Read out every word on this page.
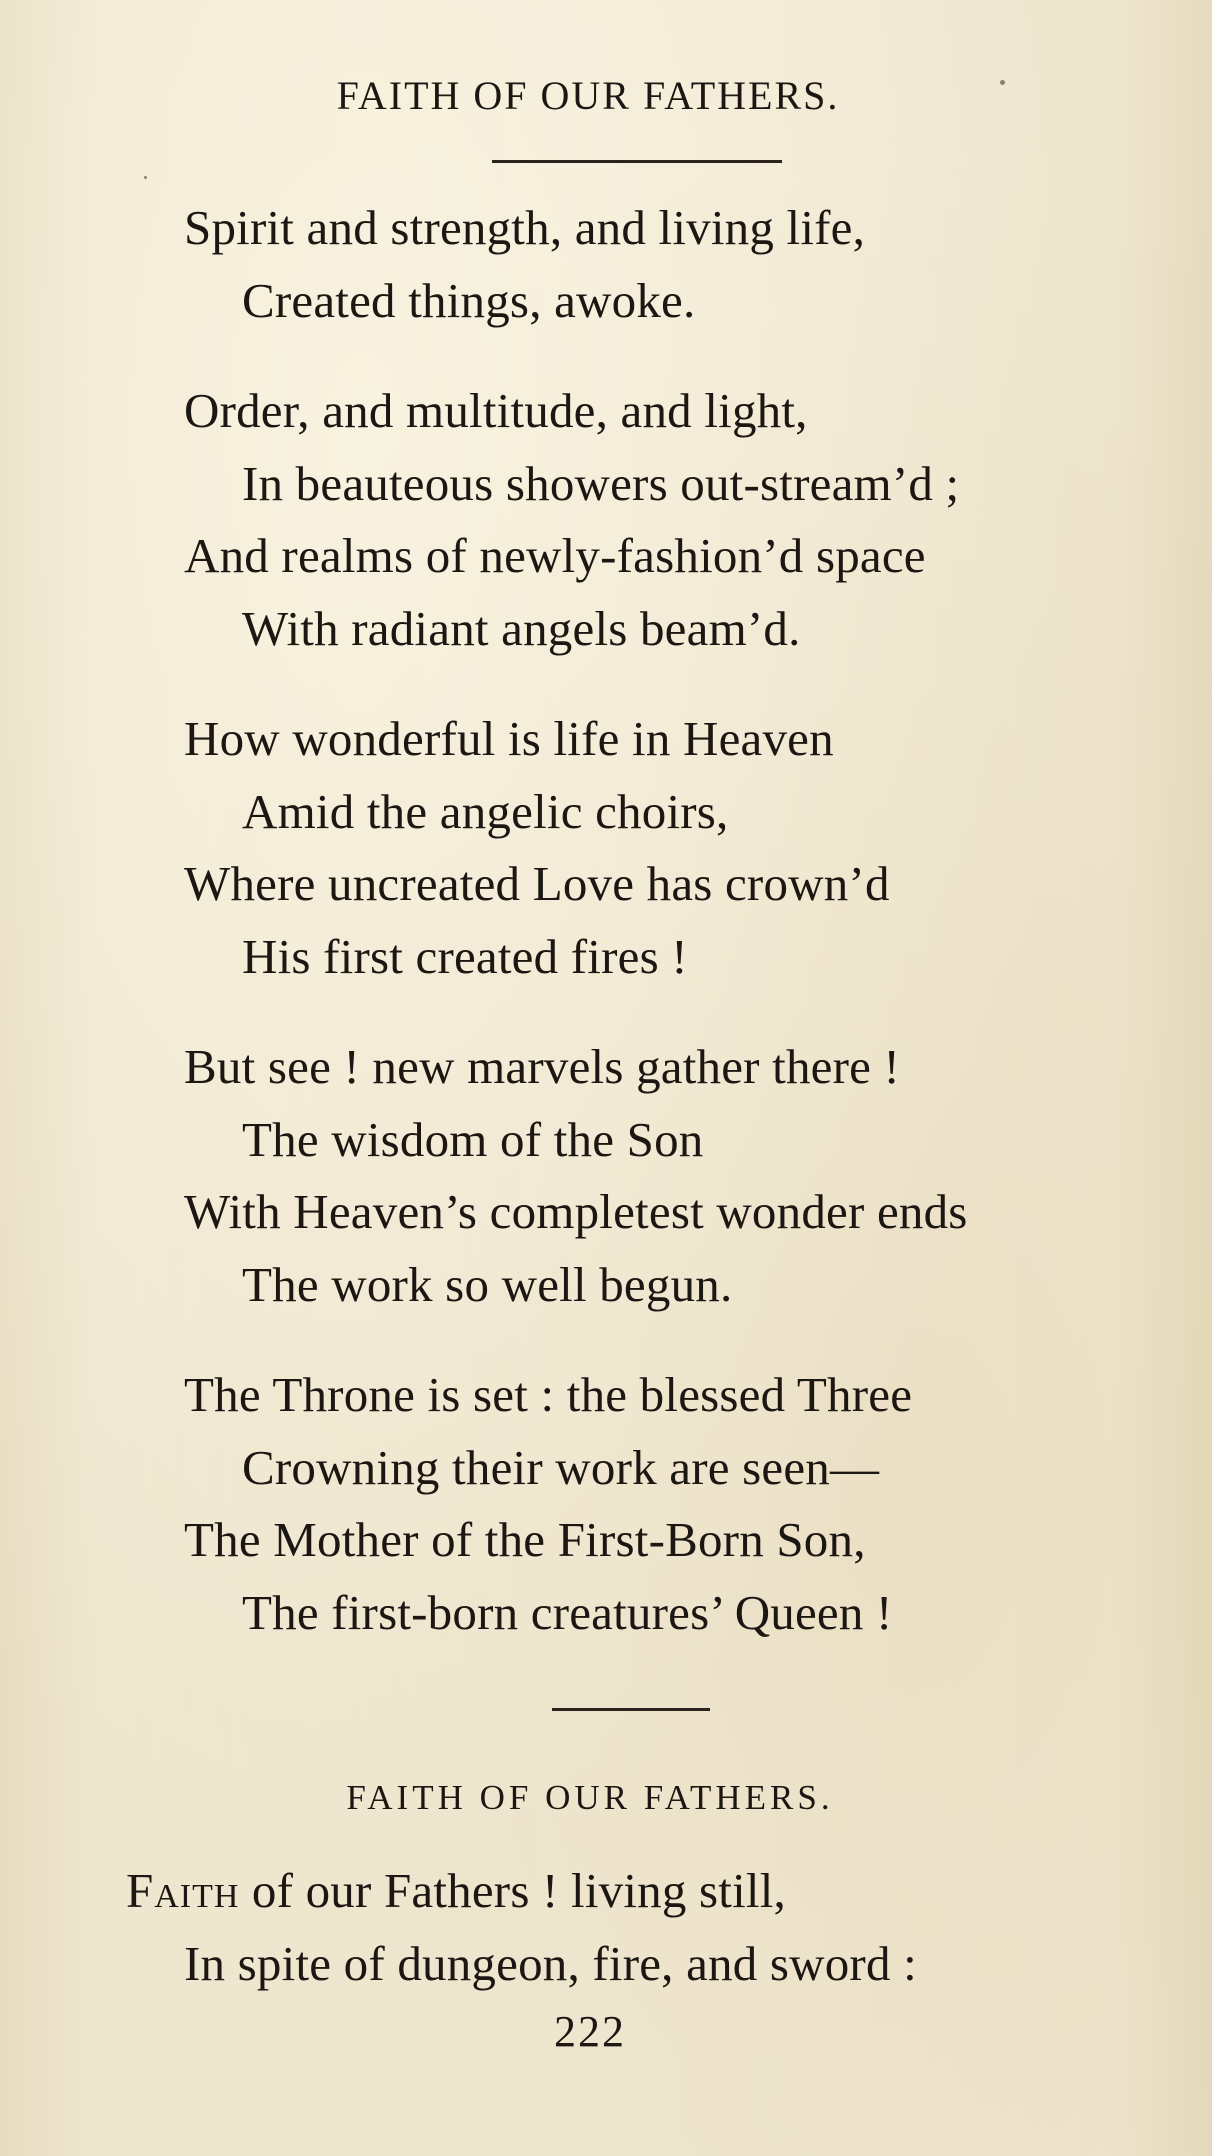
FAITH OF OUR FATHERS.
Spirit and strength, and living life,
Created things, awoke.
Order, and multitude, and light,
In beauteous showers out-stream’d ;
And realms of newly-fashion’d space
With radiant angels beam’d.
How wonderful is life in Heaven
Amid the angelic choirs,
Where uncreated Love has crown’d
His first created fires !
But see ! new marvels gather there !
The wisdom of the Son
With Heaven’s completest wonder ends
The work so well begun.
The Throne is set : the blessed Three
Crowning their work are seen—
The Mother of the First-Born Son,
The first-born creatures’ Queen !
FAITH OF OUR FATHERS.
Faith of our Fathers ! living still,
In spite of dungeon, fire, and sword :
222
